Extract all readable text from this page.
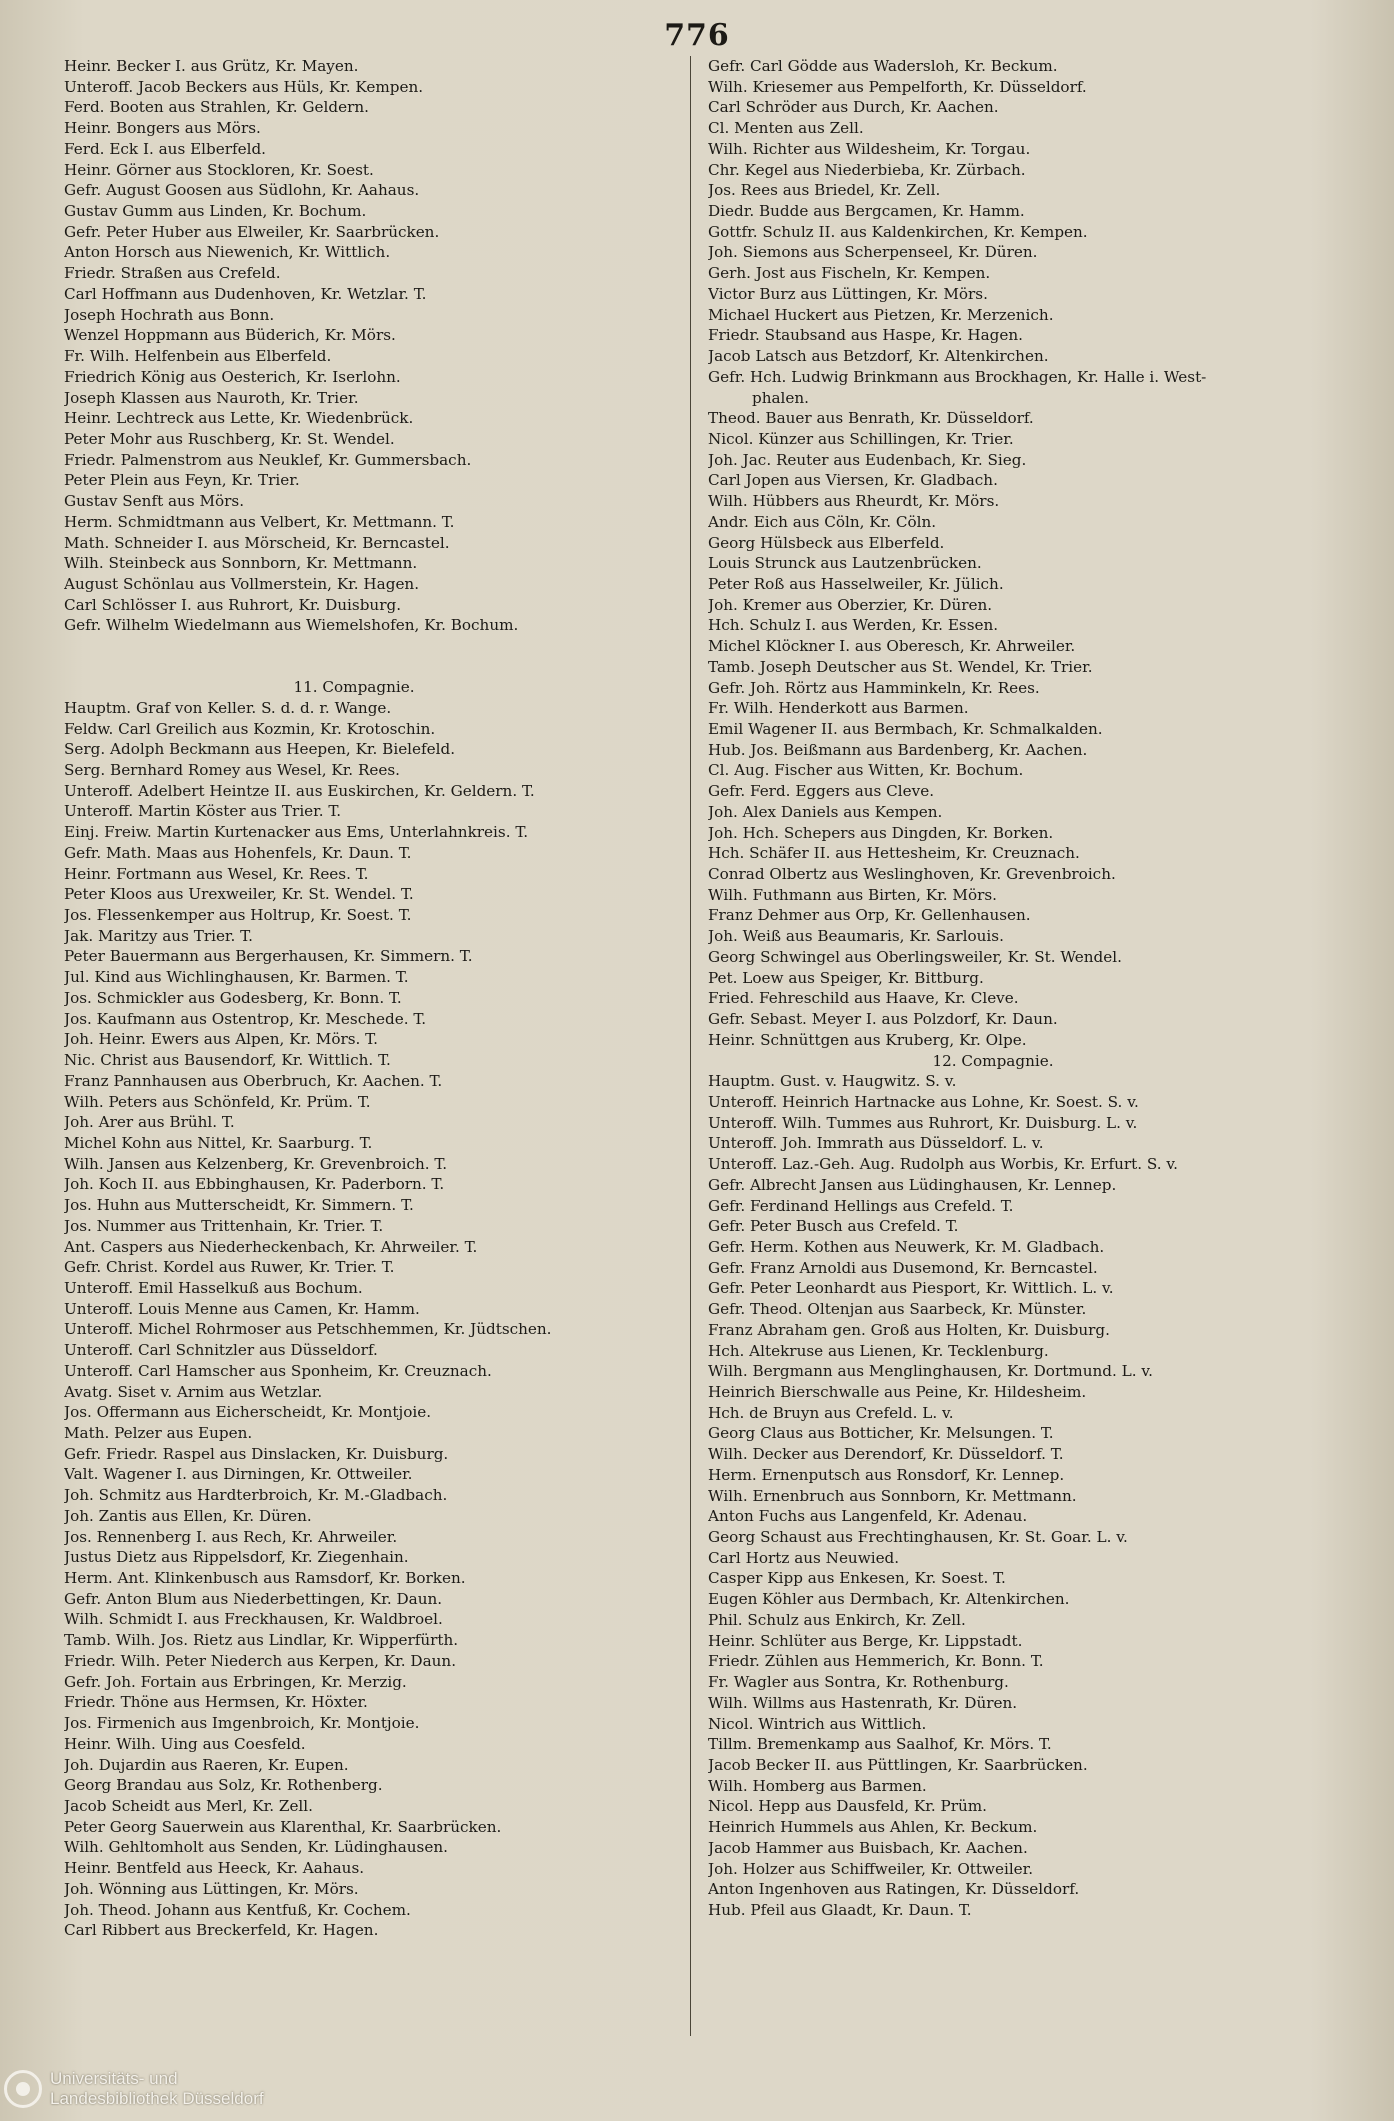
776
Heinr. Becker I. aus Grütz, Kr. Mayen.
Unteroff. Jacob Beckers aus Hüls, Kr. Kempen.
Ferd. Booten aus Strahlen, Kr. Geldern.
Heinr. Bongers aus Mörs.
Ferd. Eck I. aus Elberfeld.
Heinr. Görner aus Stockloren, Kr. Soest.
Gefr. August Goosen aus Südlohn, Kr. Aahaus.
Gustav Gumm aus Linden, Kr. Bochum.
Gefr. Peter Huber aus Elweiler, Kr. Saarbrücken.
Anton Horsch aus Niewenich, Kr. Wittlich.
Friedr. Straßen aus Crefeld.
Carl Hoffmann aus Dudenhoven, Kr. Wetzlar. T.
Joseph Hochrath aus Bonn.
Wenzel Hoppmann aus Büderich, Kr. Mörs.
Fr. Wilh. Helfenbein aus Elberfeld.
Friedrich König aus Oesterich, Kr. Iserlohn.
Joseph Klassen aus Nauroth, Kr. Trier.
Heinr. Lechtreck aus Lette, Kr. Wiedenbrück.
Peter Mohr aus Ruschberg, Kr. St. Wendel.
Friedr. Palmenstrom aus Neuklef, Kr. Gummersbach.
Peter Plein aus Feyn, Kr. Trier.
Gustav Senft aus Mörs.
Herm. Schmidtmann aus Velbert, Kr. Mettmann. T.
Math. Schneider I. aus Mörscheid, Kr. Berncastel.
Wilh. Steinbeck aus Sonnborn, Kr. Mettmann.
August Schönlau aus Vollmerstein, Kr. Hagen.
Carl Schlösser I. aus Ruhrort, Kr. Duisburg.
Gefr. Wilhelm Wiedelmann aus Wiemelshofen, Kr. Bochum.
11. Compagnie.
Hauptm. Graf von Keller. S. d. d. r. Wange.
Feldw. Carl Greilich aus Kozmin, Kr. Krotoschin.
Serg. Adolph Beckmann aus Heepen, Kr. Bielefeld.
Serg. Bernhard Romey aus Wesel, Kr. Rees.
Unteroff. Adelbert Heintze II. aus Euskirchen, Kr. Geldern. T.
Unteroff. Martin Köster aus Trier. T.
Einj. Freiw. Martin Kurtenacker aus Ems, Unterlahnkreis. T.
Gefr. Math. Maas aus Hohenfels, Kr. Daun. T.
Heinr. Fortmann aus Wesel, Kr. Rees. T.
Peter Kloos aus Urexweiler, Kr. St. Wendel. T.
Jos. Flessenkemper aus Holtrup, Kr. Soest. T.
Jak. Maritzy aus Trier. T.
Peter Bauermann aus Bergerhausen, Kr. Simmern. T.
Jul. Kind aus Wichlinghausen, Kr. Barmen. T.
Jos. Schmickler aus Godesberg, Kr. Bonn. T.
Jos. Kaufmann aus Ostentrop, Kr. Meschede. T.
Joh. Heinr. Ewers aus Alpen, Kr. Mörs. T.
Nic. Christ aus Bausendorf, Kr. Wittlich. T.
Franz Pannhausen aus Oberbruch, Kr. Aachen. T.
Wilh. Peters aus Schönfeld, Kr. Prüm. T.
Joh. Arer aus Brühl. T.
Michel Kohn aus Nittel, Kr. Saarburg. T.
Wilh. Jansen aus Kelzenberg, Kr. Grevenbroich. T.
Joh. Koch II. aus Ebbinghausen, Kr. Paderborn. T.
Jos. Huhn aus Mutterscheidt, Kr. Simmern. T.
Jos. Nummer aus Trittenhain, Kr. Trier. T.
Ant. Caspers aus Niederheckenbach, Kr. Ahrweiler. T.
Gefr. Christ. Kordel aus Ruwer, Kr. Trier. T.
Unteroff. Emil Hasselkuß aus Bochum.
Unteroff. Louis Menne aus Camen, Kr. Hamm.
Unteroff. Michel Rohrmoser aus Petschhemmen, Kr. Jüdtschen.
Unteroff. Carl Schnitzler aus Düsseldorf.
Unteroff. Carl Hamscher aus Sponheim, Kr. Creuznach.
Avatg. Siset v. Arnim aus Wetzlar.
Jos. Offermann aus Eicherscheidt, Kr. Montjoie.
Math. Pelzer aus Eupen.
Gefr. Friedr. Raspel aus Dinslacken, Kr. Duisburg.
Valt. Wagener I. aus Dirningen, Kr. Ottweiler.
Joh. Schmitz aus Hardterbroich, Kr. M.-Gladbach.
Joh. Zantis aus Ellen, Kr. Düren.
Jos. Rennenberg I. aus Rech, Kr. Ahrweiler.
Justus Dietz aus Rippelsdorf, Kr. Ziegenhain.
Herm. Ant. Klinkenbusch aus Ramsdorf, Kr. Borken.
Gefr. Anton Blum aus Niederbettingen, Kr. Daun.
Wilh. Schmidt I. aus Freckhausen, Kr. Waldbroel.
Tamb. Wilh. Jos. Rietz aus Lindlar, Kr. Wipperfürth.
Friedr. Wilh. Peter Niederch aus Kerpen, Kr. Daun.
Gefr. Joh. Fortain aus Erbringen, Kr. Merzig.
Friedr. Thöne aus Hermsen, Kr. Höxter.
Jos. Firmenich aus Imgenbroich, Kr. Montjoie.
Heinr. Wilh. Uing aus Coesfeld.
Joh. Dujardin aus Raeren, Kr. Eupen.
Georg Brandau aus Solz, Kr. Rothenberg.
Jacob Scheidt aus Merl, Kr. Zell.
Peter Georg Sauerwein aus Klarenthal, Kr. Saarbrücken.
Wilh. Gehltomholt aus Senden, Kr. Lüdinghausen.
Heinr. Bentfeld aus Heeck, Kr. Aahaus.
Joh. Wönning aus Lüttingen, Kr. Mörs.
Joh. Theod. Johann aus Kentfuß, Kr. Cochem.
Carl Ribbert aus Breckerfeld, Kr. Hagen.
Gefr. Carl Gödde aus Wadersloh, Kr. Beckum.
Wilh. Kriesemer aus Pempelforth, Kr. Düsseldorf.
Carl Schröder aus Durch, Kr. Aachen.
Cl. Menten aus Zell.
Wilh. Richter aus Wildesheim, Kr. Torgau.
Chr. Kegel aus Niederbieba, Kr. Zürbach.
Jos. Rees aus Briedel, Kr. Zell.
Diedr. Budde aus Bergcamen, Kr. Hamm.
Gottfr. Schulz II. aus Kaldenkirchen, Kr. Kempen.
Joh. Siemons aus Scherpenseel, Kr. Düren.
Gerh. Jost aus Fischeln, Kr. Kempen.
Victor Burz aus Lüttingen, Kr. Mörs.
Michael Huckert aus Pietzen, Kr. Merzenich.
Friedr. Staubsand aus Haspe, Kr. Hagen.
Jacob Latsch aus Betzdorf, Kr. Altenkirchen.
Gefr. Hch. Ludwig Brinkmann aus Brockhagen, Kr. Halle i. West-
phalen.
Theod. Bauer aus Benrath, Kr. Düsseldorf.
Nicol. Künzer aus Schillingen, Kr. Trier.
Joh. Jac. Reuter aus Eudenbach, Kr. Sieg.
Carl Jopen aus Viersen, Kr. Gladbach.
Wilh. Hübbers aus Rheurdt, Kr. Mörs.
Andr. Eich aus Cöln, Kr. Cöln.
Georg Hülsbeck aus Elberfeld.
Louis Strunck aus Lautzenbrücken.
Peter Roß aus Hasselweiler, Kr. Jülich.
Joh. Kremer aus Oberzier, Kr. Düren.
Hch. Schulz I. aus Werden, Kr. Essen.
Michel Klöckner I. aus Oberesch, Kr. Ahrweiler.
Tamb. Joseph Deutscher aus St. Wendel, Kr. Trier.
Gefr. Joh. Rörtz aus Hamminkeln, Kr. Rees.
Fr. Wilh. Henderkott aus Barmen.
Emil Wagener II. aus Bermbach, Kr. Schmalkalden.
Hub. Jos. Beißmann aus Bardenberg, Kr. Aachen.
Cl. Aug. Fischer aus Witten, Kr. Bochum.
Gefr. Ferd. Eggers aus Cleve.
Joh. Alex Daniels aus Kempen.
Joh. Hch. Schepers aus Dingden, Kr. Borken.
Hch. Schäfer II. aus Hettesheim, Kr. Creuznach.
Conrad Olbertz aus Weslinghoven, Kr. Grevenbroich.
Wilh. Futhmann aus Birten, Kr. Mörs.
Franz Dehmer aus Orp, Kr. Gellenhausen.
Joh. Weiß aus Beaumaris, Kr. Sarlouis.
Georg Schwingel aus Oberlingsweiler, Kr. St. Wendel.
Pet. Loew aus Speiger, Kr. Bittburg.
Fried. Fehreschild aus Haave, Kr. Cleve.
Gefr. Sebast. Meyer I. aus Polzdorf, Kr. Daun.
Heinr. Schnüttgen aus Kruberg, Kr. Olpe.
12. Compagnie.
Hauptm. Gust. v. Haugwitz. S. v.
Unteroff. Heinrich Hartnacke aus Lohne, Kr. Soest. S. v.
Unteroff. Wilh. Tummes aus Ruhrort, Kr. Duisburg. L. v.
Unteroff. Joh. Immrath aus Düsseldorf. L. v.
Unteroff. Laz.-Geh. Aug. Rudolph aus Worbis, Kr. Erfurt. S. v.
Gefr. Albrecht Jansen aus Lüdinghausen, Kr. Lennep.
Gefr. Ferdinand Hellings aus Crefeld. T.
Gefr. Peter Busch aus Crefeld. T.
Gefr. Herm. Kothen aus Neuwerk, Kr. M. Gladbach.
Gefr. Franz Arnoldi aus Dusemond, Kr. Berncastel.
Gefr. Peter Leonhardt aus Piesport, Kr. Wittlich. L. v.
Gefr. Theod. Oltenjan aus Saarbeck, Kr. Münster.
Franz Abraham gen. Groß aus Holten, Kr. Duisburg.
Hch. Altekruse aus Lienen, Kr. Tecklenburg.
Wilh. Bergmann aus Menglinghausen, Kr. Dortmund. L. v.
Heinrich Bierschwalle aus Peine, Kr. Hildesheim.
Hch. de Bruyn aus Crefeld. L. v.
Georg Claus aus Botticher, Kr. Melsungen. T.
Wilh. Decker aus Derendorf, Kr. Düsseldorf. T.
Herm. Ernenputsch aus Ronsdorf, Kr. Lennep.
Wilh. Ernenbruch aus Sonnborn, Kr. Mettmann.
Anton Fuchs aus Langenfeld, Kr. Adenau.
Georg Schaust aus Frechtinghausen, Kr. St. Goar. L. v.
Carl Hortz aus Neuwied.
Casper Kipp aus Enkesen, Kr. Soest. T.
Eugen Köhler aus Dermbach, Kr. Altenkirchen.
Phil. Schulz aus Enkirch, Kr. Zell.
Heinr. Schlüter aus Berge, Kr. Lippstadt.
Friedr. Zühlen aus Hemmerich, Kr. Bonn. T.
Fr. Wagler aus Sontra, Kr. Rothenburg.
Wilh. Willms aus Hastenrath, Kr. Düren.
Nicol. Wintrich aus Wittlich.
Tillm. Bremenkamp aus Saalhof, Kr. Mörs. T.
Jacob Becker II. aus Püttlingen, Kr. Saarbrücken.
Wilh. Homberg aus Barmen.
Nicol. Hepp aus Dausfeld, Kr. Prüm.
Heinrich Hummels aus Ahlen, Kr. Beckum.
Jacob Hammer aus Buisbach, Kr. Aachen.
Joh. Holzer aus Schiffweiler, Kr. Ottweiler.
Anton Ingenhoven aus Ratingen, Kr. Düsseldorf.
Hub. Pfeil aus Glaadt, Kr. Daun. T.
Universitäts- und
Landesbibliothek Düsseldorf
